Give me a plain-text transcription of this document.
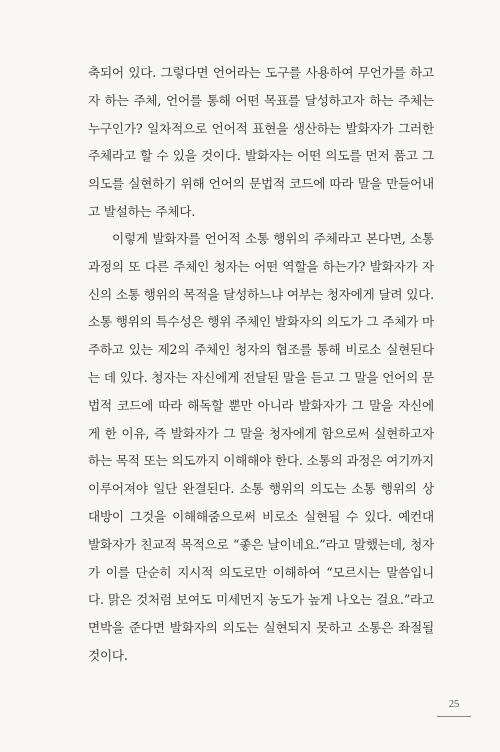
축되어 있다. 그렇다면 언어라는 도구를 사용하여 무언가를 하고
자 하는 주체, 언어를 통해 어떤 목표를 달성하고자 하는 주체는
누구인가? 일차적으로 언어적 표현을 생산하는 발화자가 그러한
주체라고 할 수 있을 것이다. 발화자는 어떤 의도를 먼저 품고 그
의도를 실현하기 위해 언어의 문법적 코드에 따라 말을 만들어내
고 발설하는 주체다.
이렇게 발화자를 언어적 소통 행위의 주체라고 본다면, 소통
과정의 또 다른 주체인 청자는 어떤 역할을 하는가? 발화자가 자
신의 소통 행위의 목적을 달성하느냐 여부는 청자에게 달려 있다.
소통 행위의 특수성은 행위 주체인 발화자의 의도가 그 주체가 마
주하고 있는 제2의 주체인 청자의 협조를 통해 비로소 실현된다
는 데 있다. 청자는 자신에게 전달된 말을 듣고 그 말을 언어의 문
법적 코드에 따라 해독할 뿐만 아니라 발화자가 그 말을 자신에
게 한 이유, 즉 발화자가 그 말을 청자에게 함으로써 실현하고자
하는 목적 또는 의도까지 이해해야 한다. 소통의 과정은 여기까지
이루어져야 일단 완결된다. 소통 행위의 의도는 소통 행위의 상
대방이 그것을 이해해줌으로써 비로소 실현될 수 있다. 예컨대
발화자가 친교적 목적으로 “좋은 날이네요.”라고 말했는데, 청자
가 이를 단순히 지시적 의도로만 이해하여 “모르시는 말씀입니
다. 맑은 것처럼 보여도 미세먼지 농도가 높게 나오는 걸요.”라고
면박을 준다면 발화자의 의도는 실현되지 못하고 소통은 좌절될
것이다.
25
